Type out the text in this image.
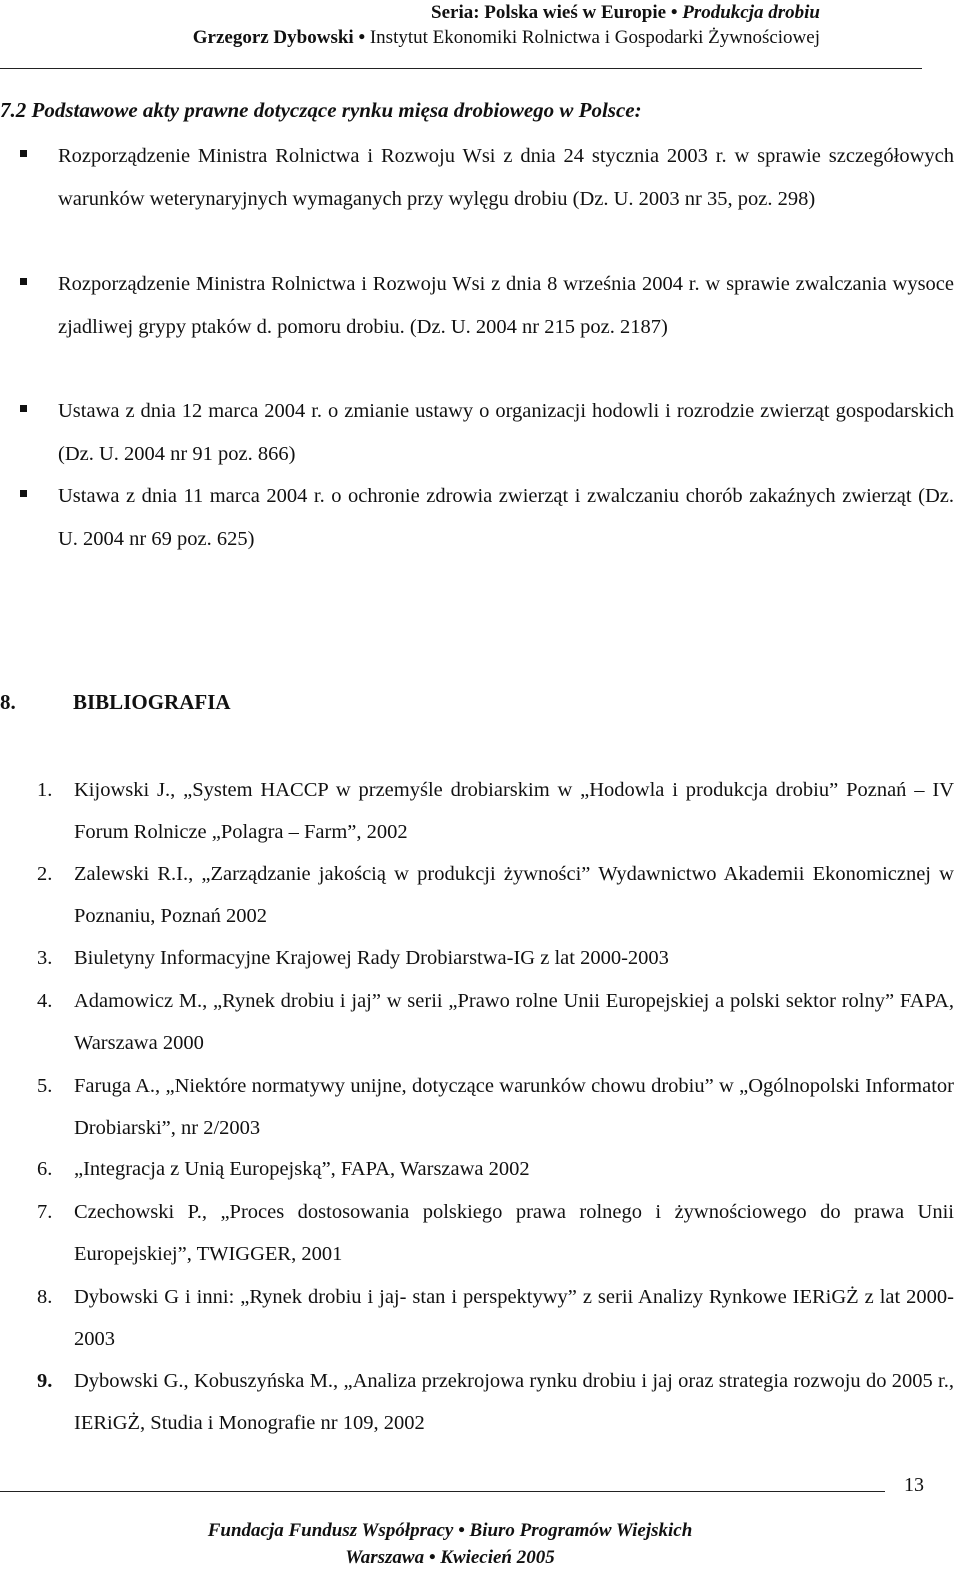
Seria: Polska wieś w Europie • Produkcja drobiu
Grzegorz Dybowski • Instytut Ekonomiki Rolnictwa i Gospodarki Żywnościowej
7.2 Podstawowe akty prawne dotyczące rynku mięsa drobiowego w Polsce:
Rozporządzenie Ministra Rolnictwa i Rozwoju Wsi z dnia 24 stycznia 2003 r. w sprawie szczegółowych warunków weterynaryjnych wymaganych przy wylęgu drobiu (Dz. U. 2003 nr 35, poz. 298)
Rozporządzenie Ministra Rolnictwa i Rozwoju Wsi z dnia 8 września 2004 r. w sprawie zwalczania wysoce zjadliwej grypy ptaków d. pomoru drobiu. (Dz. U. 2004 nr 215 poz. 2187)
Ustawa z dnia 12 marca 2004 r. o zmianie ustawy o organizacji hodowli i rozrodzie zwierząt gospodarskich (Dz. U. 2004 nr 91 poz. 866)
Ustawa z dnia 11 marca 2004 r. o ochronie zdrowia zwierząt i zwalczaniu chorób zakaźnych zwierząt (Dz. U. 2004 nr 69 poz. 625)
8.	BIBLIOGRAFIA
1. Kijowski J., „System HACCP w przemyśle drobiarskim w „Hodowla i produkcja drobiu” Poznań – IV Forum Rolnicze „Polagra – Farm”, 2002
2. Zalewski R.I., „Zarządzanie jakością w produkcji żywności” Wydawnictwo Akademii Ekonomicznej w Poznaniu, Poznań 2002
3. Biuletyny Informacyjne Krajowej Rady Drobiarstwa-IG z lat 2000-2003
4. Adamowicz M., „Rynek drobiu i jaj” w serii „Prawo rolne Unii Europejskiej a polski sektor rolny” FAPA, Warszawa 2000
5. Faruga A., „Niektóre normatywy unijne, dotyczące warunków chowu drobiu” w „Ogólnopolski Informator Drobiarski”, nr 2/2003
6. „Integracja z Unią Europejską”, FAPA, Warszawa 2002
7. Czechowski P., „Proces dostosowania polskiego prawa rolnego i żywnościowego do prawa Unii Europejskiej”, TWIGGER, 2001
8. Dybowski G i inni: „Rynek drobiu i jaj- stan i perspektywy” z serii Analizy Rynkowe IERiGŻ z lat 2000-2003
9. Dybowski G., Kobuszyńska M., „Analiza przekrojowa rynku drobiu i jaj oraz strategia rozwoju do 2005 r., IERiGŻ, Studia i Monografie nr 109, 2002
13
Fundacja Fundusz Współpracy • Biuro Programów Wiejskich
Warszawa • Kwiecień 2005
